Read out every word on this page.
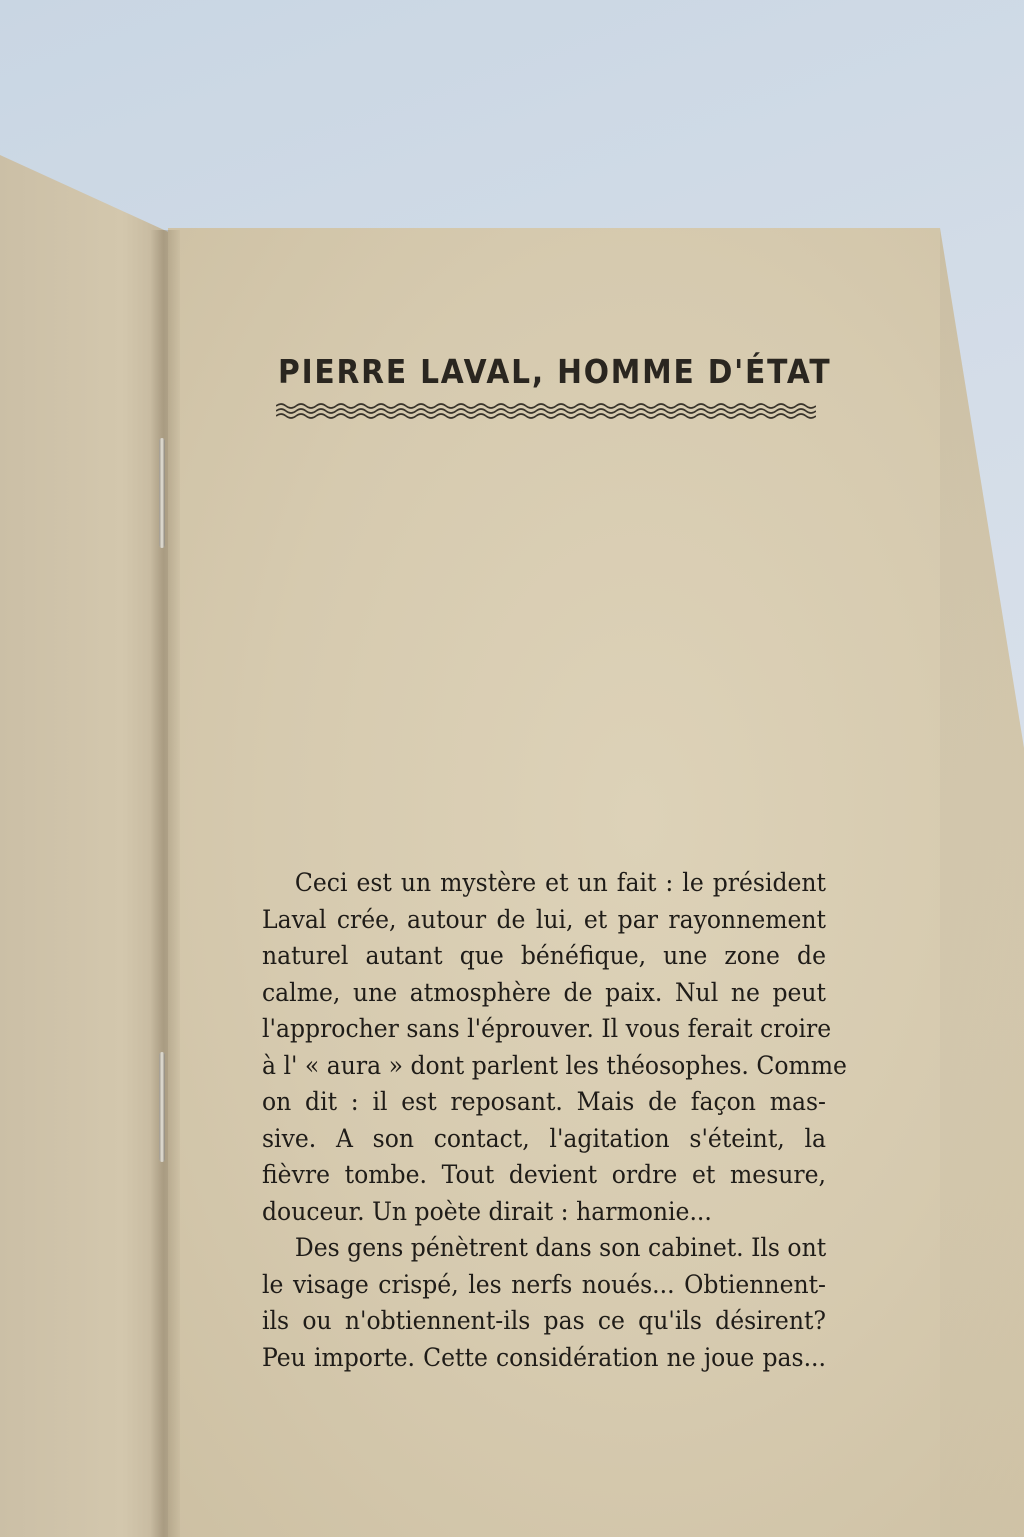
PIERRE LAVAL, HOMME D'ÉTAT
Ceci est un mystère et un fait : le président
Laval crée, autour de lui, et par rayonnement
naturel autant que bénéfique, une zone de
calme, une atmosphère de paix. Nul ne peut
l'approcher sans l'éprouver. Il vous ferait croire
à l' « aura » dont parlent les théosophes. Comme
on dit : il est reposant. Mais de façon mas-
sive. A son contact, l'agitation s'éteint, la
fièvre tombe. Tout devient ordre et mesure,
douceur. Un poète dirait : harmonie...
Des gens pénètrent dans son cabinet. Ils ont
le visage crispé, les nerfs noués... Obtiennent-
ils ou n'obtiennent-ils pas ce qu'ils désirent?
Peu importe. Cette considération ne joue pas...
